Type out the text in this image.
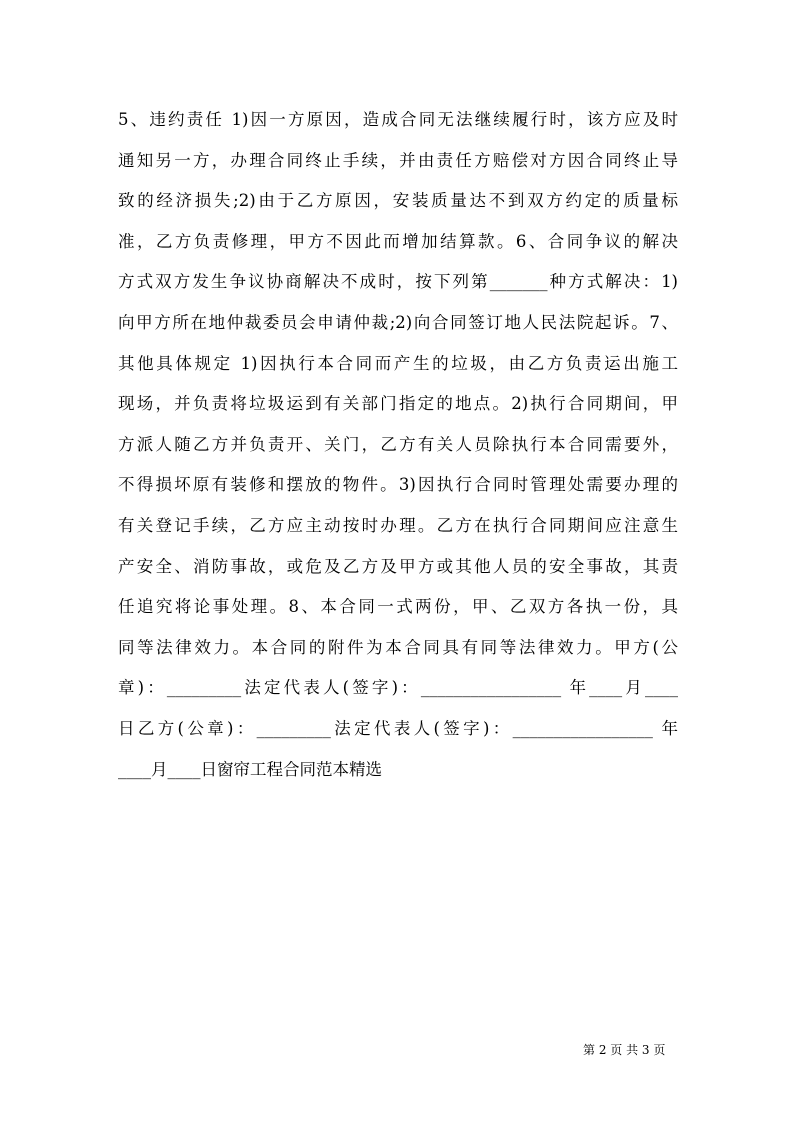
5、违约责任 1)因一方原因，造成合同无法继续履行时，该方应及时
通知另一方，办理合同终止手续，并由责任方赔偿对方因合同终止导
致的经济损失;2)由于乙方原因，安装质量达不到双方约定的质量标
准，乙方负责修理，甲方不因此而增加结算款。6、合同争议的解决
方式双方发生争议协商解决不成时，按下列第_______种方式解决：1)
向甲方所在地仲裁委员会申请仲裁;2)向合同签订地人民法院起诉。7、
其他具体规定 1)因执行本合同而产生的垃圾，由乙方负责运出施工
现场，并负责将垃圾运到有关部门指定的地点。2)执行合同期间，甲
方派人随乙方并负责开、关门，乙方有关人员除执行本合同需要外，
不得损坏原有装修和摆放的物件。3)因执行合同时管理处需要办理的
有关登记手续，乙方应主动按时办理。乙方在执行合同期间应注意生
产安全、消防事故，或危及乙方及甲方或其他人员的安全事故，其责
任追究将论事处理。8、本合同一式两份，甲、乙双方各执一份，具
同等法律效力。本合同的附件为本合同具有同等法律效力。甲方(公
章)：_________法定代表人(签字)：_________________ 年____月____
日乙方(公章)：_________法定代表人(签字)：_________________ 年
____月____日窗帘工程合同范本精选
第 2 页 共 3 页
